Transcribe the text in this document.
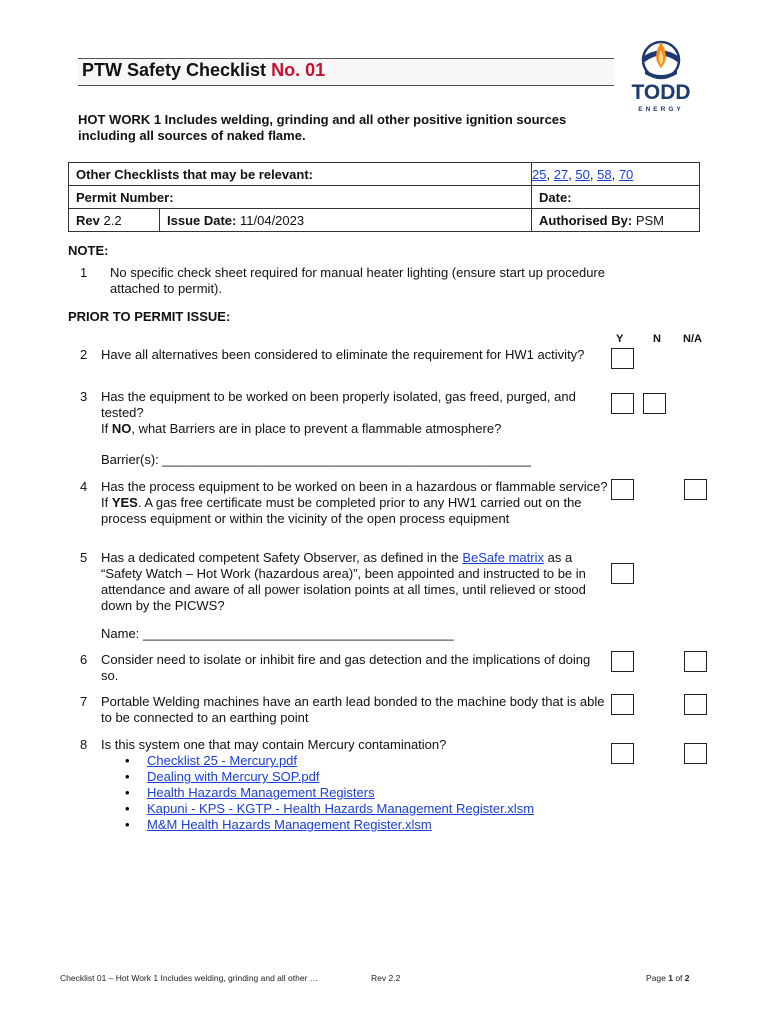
PTW Safety Checklist No. 01
TODD
ENERGY
HOT WORK 1 Includes welding, grinding and all other positive ignition sources including all sources of naked flame.
Other Checklists that may be relevant:		25, 27, 50, 58, 70
Permit Number:		Date:
Rev 2.2	Issue Date: 11/04/2023	Authorised By: PSM
NOTE:
1 No specific check sheet required for manual heater lighting (ensure start up procedure attached to permit).
PRIOR TO PERMIT ISSUE:
Y	N N/A
2 Have all alternatives been considered to eliminate the requirement for HW1 activity?
3 Has the equipment to be worked on been properly isolated, gas freed, purged, and tested?
If NO, what Barriers are in place to prevent a flammable atmosphere?
Barrier(s): ___________________________________________________
4 Has the process equipment to be worked on been in a hazardous or flammable service?
If YES. A gas free certificate must be completed prior to any HW1 carried out on the process equipment or within the vicinity of the open process equipment
5 Has a dedicated competent Safety Observer, as defined in the BeSafe matrix as a “Safety Watch – Hot Work (hazardous area)”, been appointed and instructed to be in attendance and aware of all power isolation points at all times, until relieved or stood down by the PICWS?
Name: ___________________________________________
6 Consider need to isolate or inhibit fire and gas detection and the implications of doing so.
7 Portable Welding machines have an earth lead bonded to the machine body that is able to be connected to an earthing point
8 Is this system one that may contain Mercury contamination?
• Checklist 25 - Mercury.pdf
• Dealing with Mercury SOP.pdf
• Health Hazards Management Registers
• Kapuni - KPS - KGTP - Health Hazards Management Register.xlsm
• M&M Health Hazards Management Register.xlsm
Checklist 01 – Hot Work 1 Includes welding, grinding and all other …	Rev 2.2	Page 1 of 2
